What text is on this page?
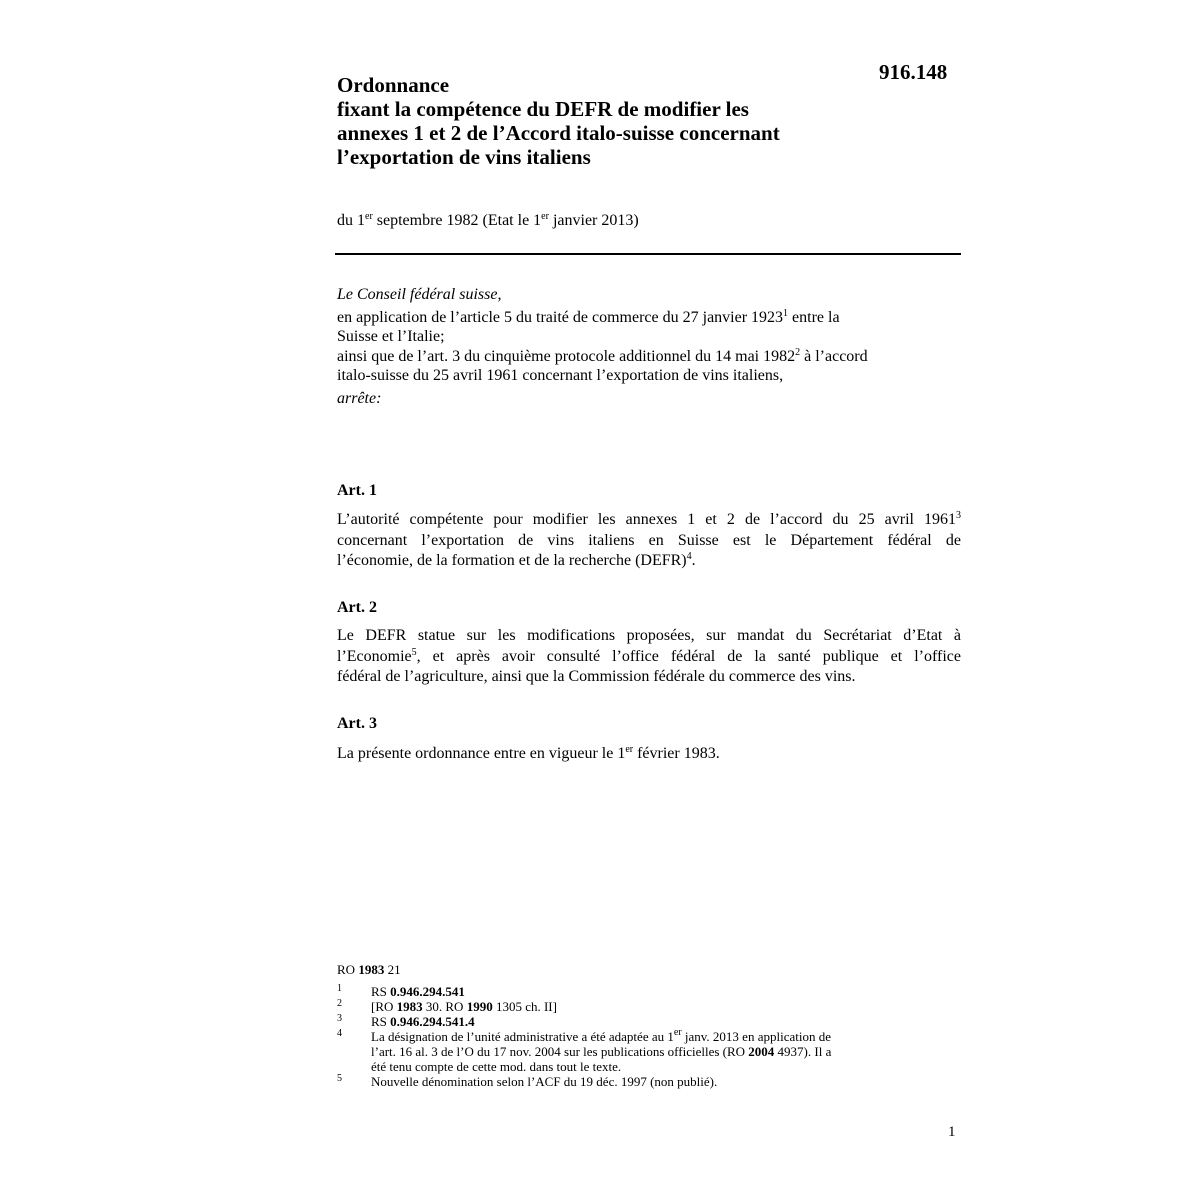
916.148
Ordonnance
fixant la compétence du DEFR de modifier les
annexes 1 et 2 de l’Accord italo-suisse concernant
l’exportation de vins italiens
du 1er septembre 1982 (Etat le 1er janvier 2013)
Le Conseil fédéral suisse,
en application de l’article 5 du traité de commerce du 27 janvier 1923$^1$ entre la
Suisse et l’Italie;
ainsi que de l’art. 3 du cinquième protocole additionnel du 14 mai 1982$^2$ à l’accord
italo-suisse du 25 avril 1961 concernant l’exportation de vins italiens,
arrête:
Art. 1
L’autorité compétente pour modifier les annexes 1 et 2 de l’accord du 25 avril 1961$^3$
concernant l’exportation de vins italiens en Suisse est le Département fédéral de
l’économie, de la formation et de la recherche (DEFR)$^4$.
Art. 2
Le DEFR statue sur les modifications proposées, sur mandat du Secrétariat d’Etat à
l’Economie$^5$, et après avoir consulté l’office fédéral de la santé publique et l’office
fédéral de l’agriculture, ainsi que la Commission fédérale du commerce des vins.
Art. 3
La présente ordonnance entre en vigueur le 1er février 1983.
RO 1983 21
1 RS 0.946.294.541
2 [RO 1983 30. RO 1990 1305 ch. II]
3 RS 0.946.294.541.4
4 La désignation de l’unité administrative a été adaptée au 1er janv. 2013 en application de
l’art. 16 al. 3 de l’O du 17 nov. 2004 sur les publications officielles (RO 2004 4937). Il a
été tenu compte de cette mod. dans tout le texte.
5 Nouvelle dénomination selon l’ACF du 19 déc. 1997 (non publié).
1
